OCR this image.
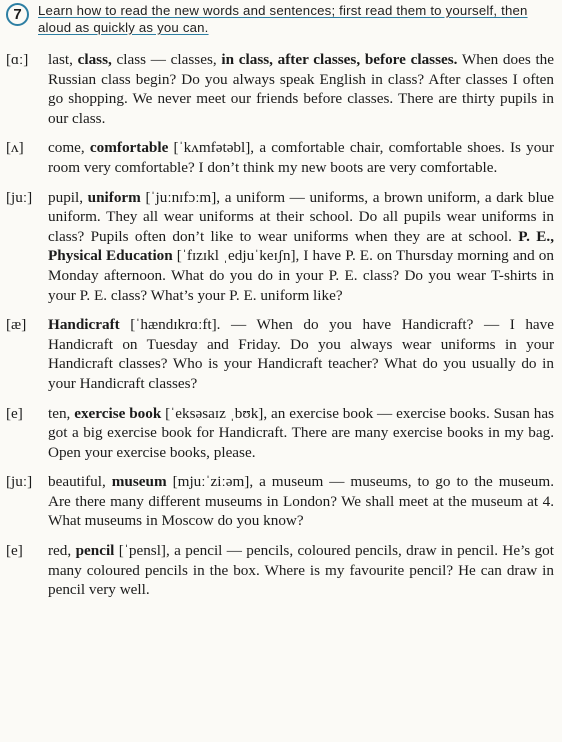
7	Learn how to read the new words and sentences; first read them to yourself, then aloud as quickly as you can.
[ɑː]	last, class, class — classes, in class, after classes, before classes. When does the Russian class begin? Do you always speak English in class? After classes I often go shopping. We never meet our friends before classes. There are thirty pupils in our class.

[ʌ]	come, comfortable [ˈkʌmfətəbl], a comfortable chair, comfortable shoes. Is your room very comfortable? I don’t think my new boots are very comfortable.

[juː]	pupil, uniform [ˈjuːnɪfɔːm], a uniform — uniforms, a brown uniform, a dark blue uniform. They all wear uniforms at their school. Do all pupils wear uniforms in class? Pupils often don’t like to wear uniforms when they are at school. P. E., Physical Education [ˈfɪzɪkl ˌedjuˈkeɪʃn], I have P. E. on Thursday morning and on Monday afternoon. What do you do in your P. E. class? Do you wear T-shirts in your P. E. class? What’s your P. E. uniform like?

[æ]	Handicraft [ˈhændɪkrɑːft]. — When do you have Handicraft? — I have Handicraft on Tuesday and Friday. Do you always wear uniforms in your Handicraft classes? Who is your Handicraft teacher? What do you usually do in your Handicraft classes?

[e]	ten, exercise book [ˈeksəsaɪz ˌbʊk], an exercise book — exercise books. Susan has got a big exercise book for Handicraft. There are many exercise books in my bag. Open your exercise books, please.

[juː]	beautiful, museum [mjuːˈziːəm], a museum — museums, to go to the museum. Are there many different museums in London? We shall meet at the museum at 4. What museums in Moscow do you know?

[e]	red, pencil [ˈpensl], a pencil — pencils, coloured pencils, draw in pencil. He’s got many coloured pencils in the box. Where is my favourite pencil? He can draw in pencil very well.
